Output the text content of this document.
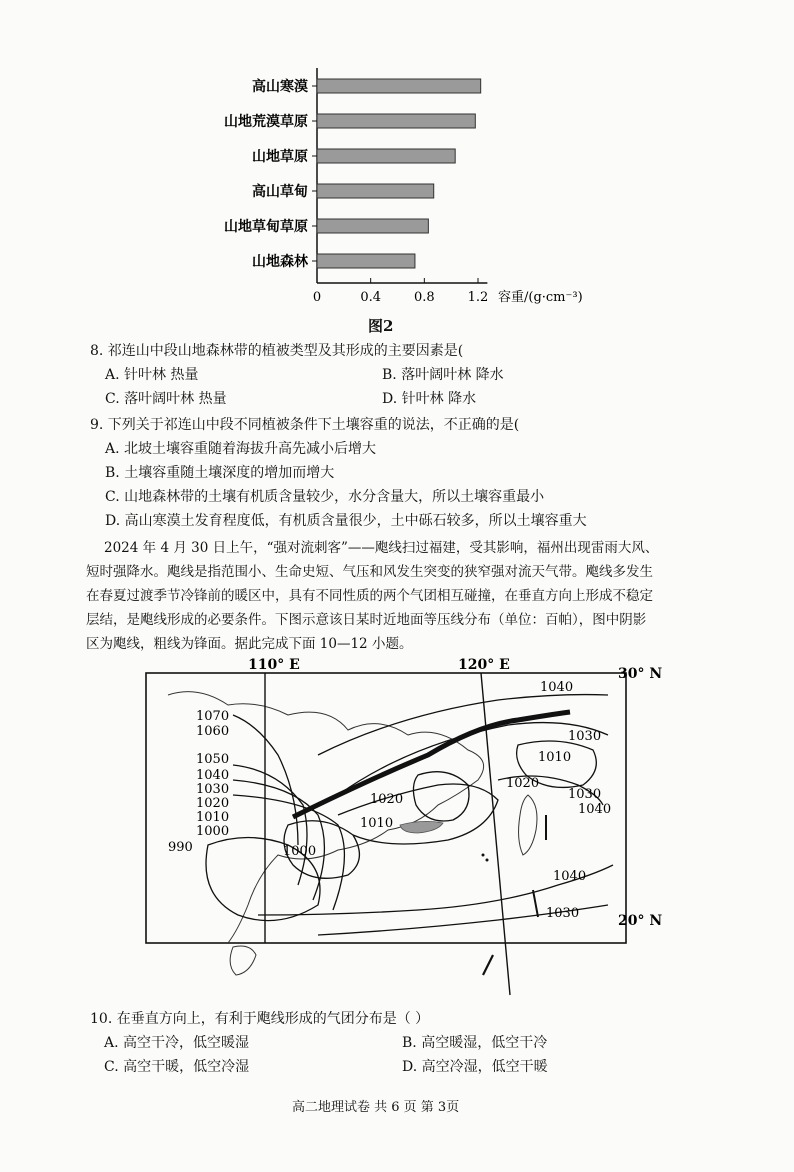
高山寒漠
山地荒漠草原
山地草原
高山草甸
山地草甸草原
山地森林
0	0.4	0.8	1.2 容重/(g·cm⁻³)
图2
8. 祁连山中段山地森林带的植被类型及其形成的主要因素是(
A. 针叶林 热量	B. 落叶阔叶林 降水
C. 落叶阔叶林 热量	D. 针叶林 降水
9. 下列关于祁连山中段不同植被条件下土壤容重的说法，不正确的是(
A. 北坡土壤容重随着海拔升高先减小后增大
B. 土壤容重随土壤深度的增加而增大
C. 山地森林带的土壤有机质含量较少，水分含量大，所以土壤容重最小
D. 高山寒漠土发育程度低，有机质含量很少，土中砾石较多，所以土壤容重大
2024 年 4 月 30 日上午，“强对流刺客”——飑线扫过福建，受其影响，福州出现雷雨大风、
短时强降水。飑线是指范围小、生命史短、气压和风发生突变的狭窄强对流天气带。飑线多发生
在春夏过渡季节冷锋前的暖区中，具有不同性质的两个气团相互碰撞，在垂直方向上形成不稳定
层结，是飑线形成的必要条件。下图示意该日某时近地面等压线分布（单位：百帕），图中阴影
区为飑线，粗线为锋面。据此完成下面 10—12 小题。
1070
1060
1050
1040
1030
1020
1010
1000
990	1000
1010
1020
1020
1040
1030
1010
1030
1040
1040
1030
110° E	120° E
30° N
20° N
10. 在垂直方向上，有利于飑线形成的气团分布是（ ）
A. 高空干冷，低空暖湿	B. 高空暖湿，低空干冷
C. 高空干暖，低空冷湿	D. 高空冷湿，低空干暖
高二地理试卷 共 6 页 第 3页
